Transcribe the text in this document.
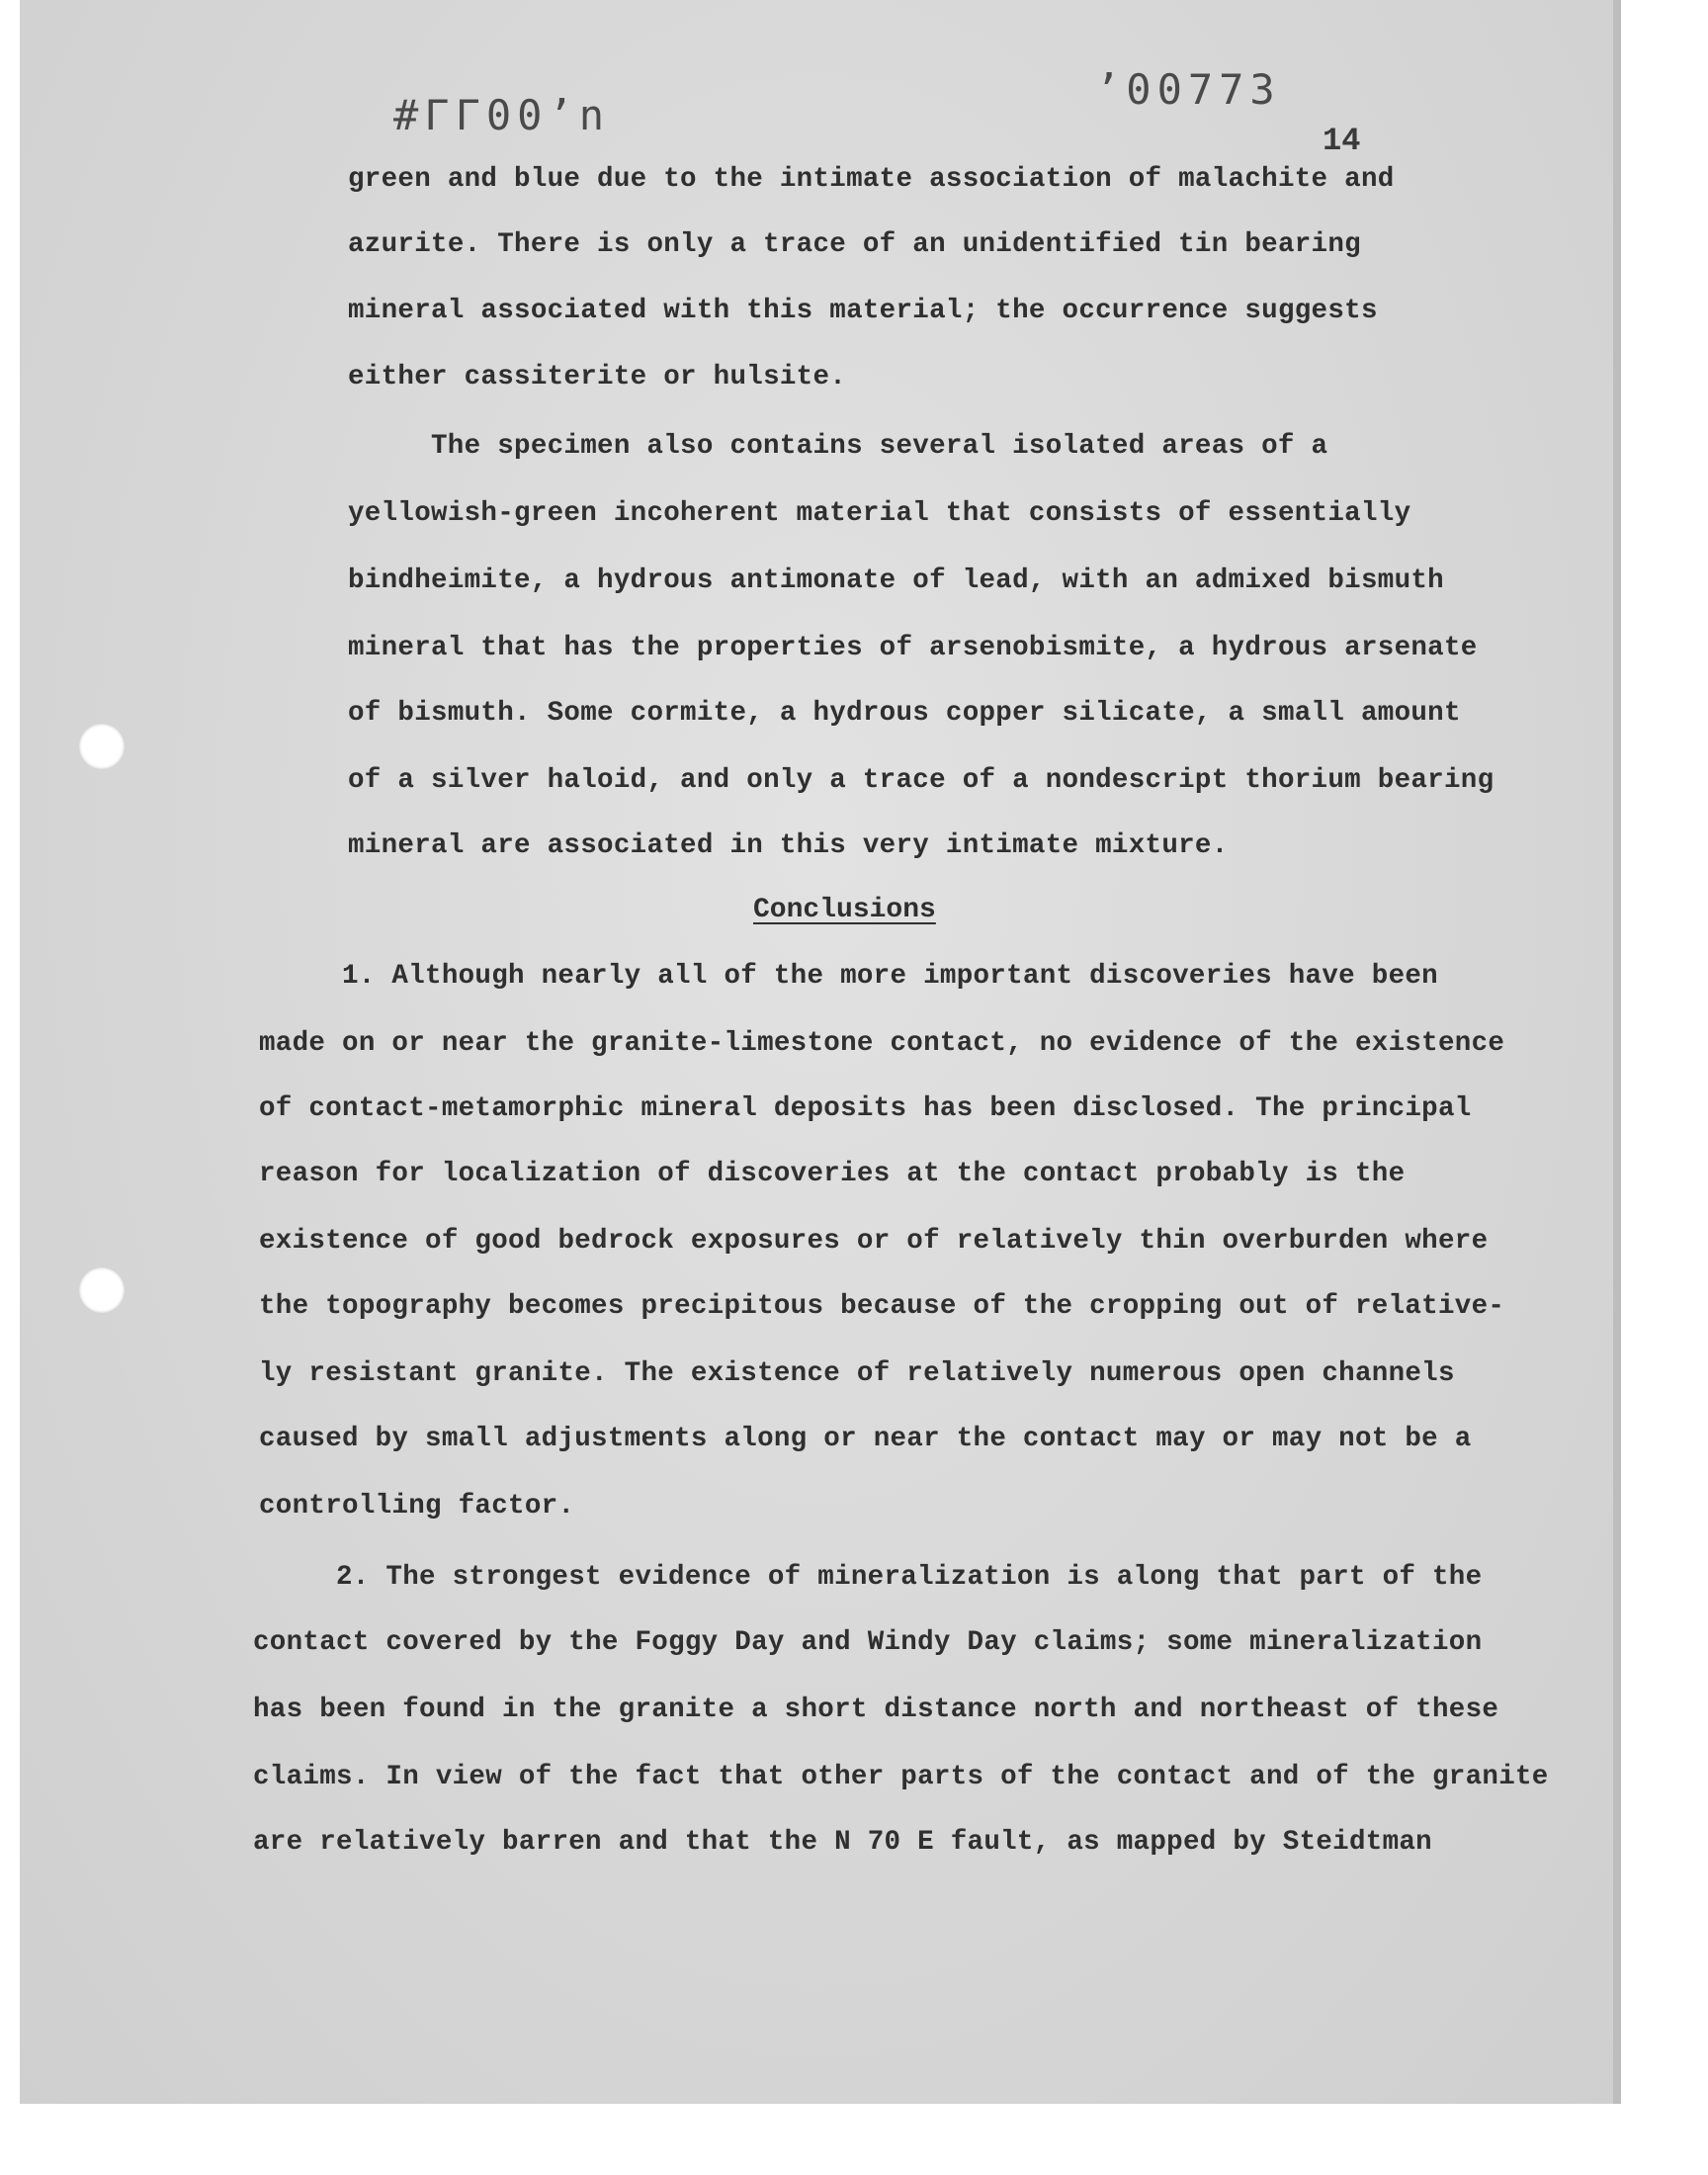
#ΓΓ00ʼn
ʼ00773
14
green and blue due to the intimate association of malachite and
azurite. There is only a trace of an unidentified tin bearing
mineral associated with this material; the occurrence suggests
either cassiterite or hulsite.
The specimen also contains several isolated areas of a
yellowish-green incoherent material that consists of essentially
bindheimite, a hydrous antimonate of lead, with an admixed bismuth
mineral that has the properties of arsenobismite, a hydrous arsenate
of bismuth. Some cormite, a hydrous copper silicate, a small amount
of a silver haloid, and only a trace of a nondescript thorium bearing
mineral are associated in this very intimate mixture.
Conclusions
1. Although nearly all of the more important discoveries have been
made on or near the granite-limestone contact, no evidence of the existence
of contact-metamorphic mineral deposits has been disclosed. The principal
reason for localization of discoveries at the contact probably is the
existence of good bedrock exposures or of relatively thin overburden where
the topography becomes precipitous because of the cropping out of relative-
ly resistant granite. The existence of relatively numerous open channels
caused by small adjustments along or near the contact may or may not be a
controlling factor.
2. The strongest evidence of mineralization is along that part of the
contact covered by the Foggy Day and Windy Day claims; some mineralization
has been found in the granite a short distance north and northeast of these
claims. In view of the fact that other parts of the contact and of the granite
are relatively barren and that the N 70 E fault, as mapped by Steidtman
